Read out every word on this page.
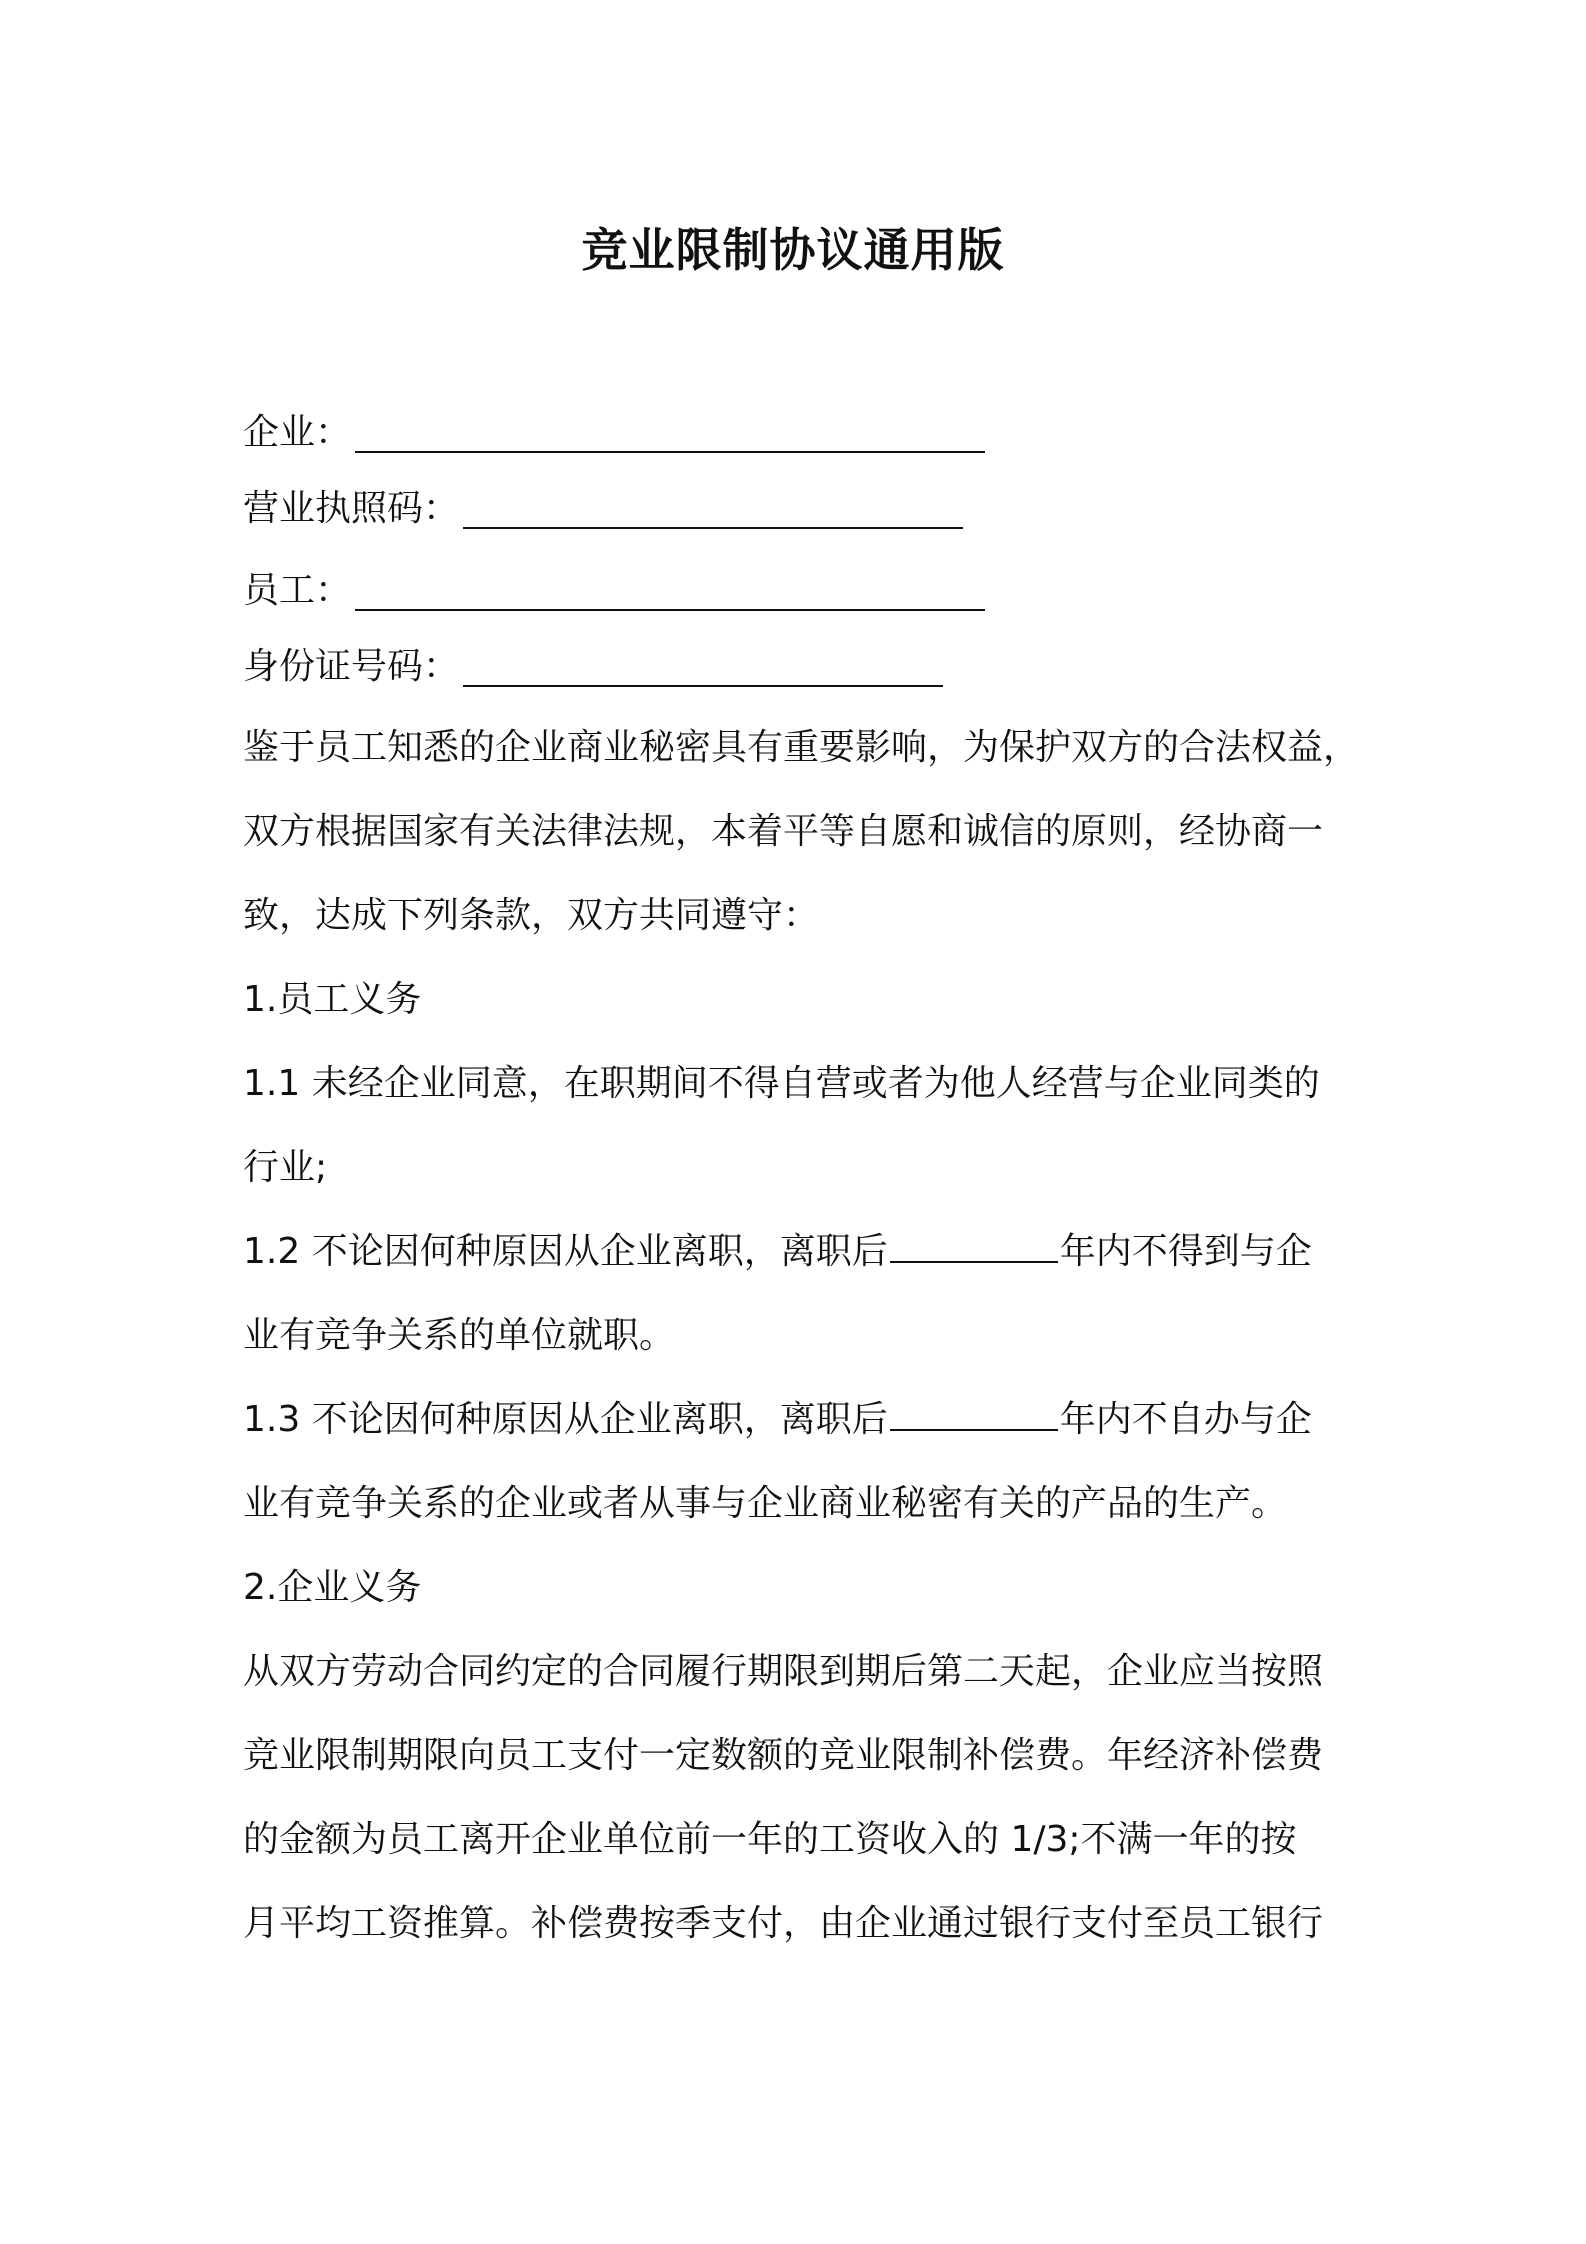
竞业限制协议通用版
企业：
营业执照码：
员工：
身份证号码：

鉴于员工知悉的企业商业秘密具有重要影响，为保护双方的合法权益，

双方根据国家有关法律法规，本着平等自愿和诚信的原则，经协商一

致，达成下列条款，双方共同遵守：

1.员工义务

1.1 未经企业同意，在职期间不得自营或者为他人经营与企业同类的

行业;

1.2 不论因何种原因从企业离职，离职后	年内不得到与企

业有竞争关系的单位就职。

1.3 不论因何种原因从企业离职，离职后	年内不自办与企

业有竞争关系的企业或者从事与企业商业秘密有关的产品的生产。

2.企业义务

从双方劳动合同约定的合同履行期限到期后第二天起，企业应当按照

竞业限制期限向员工支付一定数额的竞业限制补偿费。年经济补偿费

的金额为员工离开企业单位前一年的工资收入的 1/3;不满一年的按

月平均工资推算。补偿费按季支付，由企业通过银行支付至员工银行
